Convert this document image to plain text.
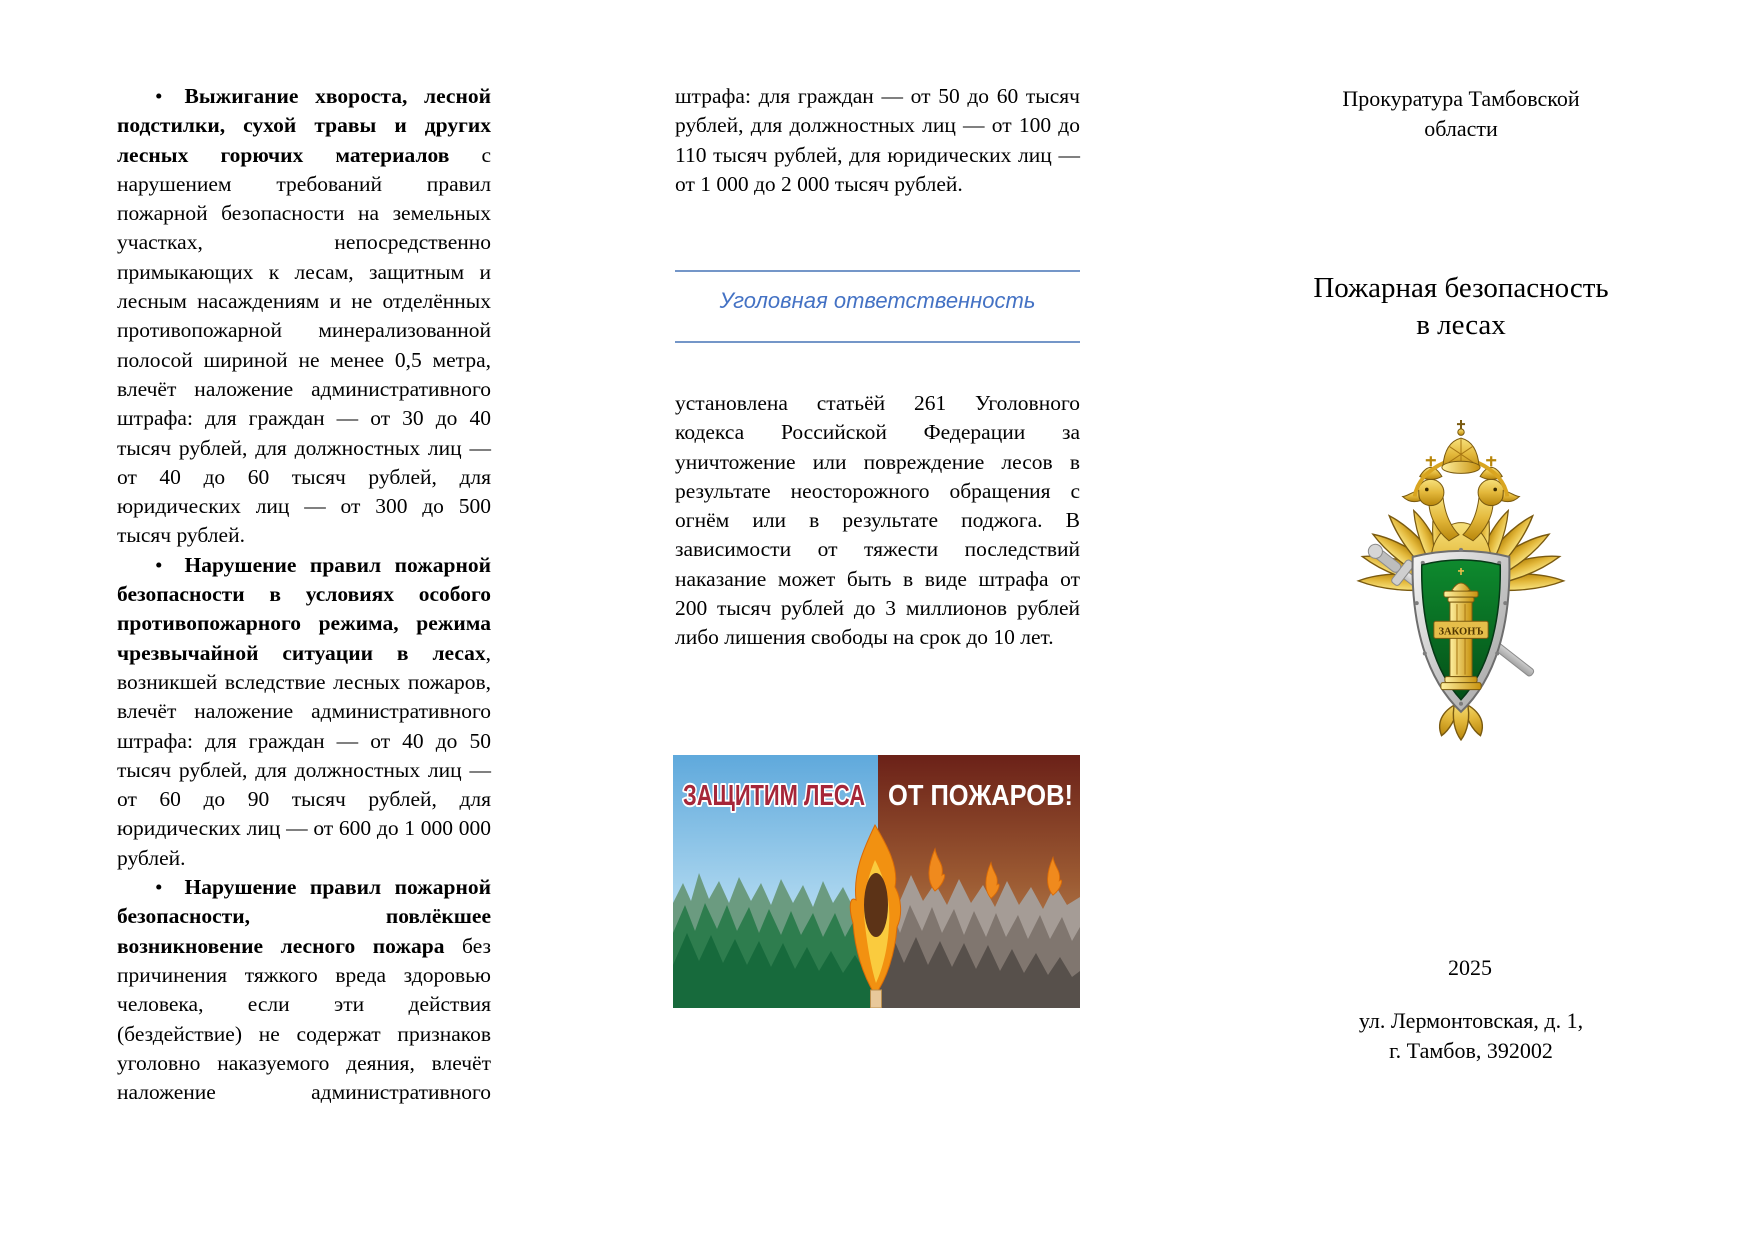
• Выжигание хвороста, лесной подстилки, сухой травы и других лесных горючих материалов с нарушением требований правил пожарной безопасности на земельных участках, непосредственно примыкающих к лесам, защитным и лесным насаждениям и не отделённых противопожарной минерализованной полосой шириной не менее 0,5 метра, влечёт наложение административного штрафа: для граждан — от 30 до 40 тысяч рублей, для должностных лиц — от 40 до 60 тысяч рублей, для юридических лиц — от 300 до 500 тысяч рублей.

• Нарушение правил пожарной безопасности в условиях особого противопожарного режима, режима чрезвычайной ситуации в лесах, возникшей вследствие лесных пожаров, влечёт наложение административного штрафа: для граждан — от 40 до 50 тысяч рублей, для должностных лиц — от 60 до 90 тысяч рублей, для юридических лиц — от 600 до 1 000 000 рублей.

• Нарушение правил пожарной безопасности, повлёкшее возникновение лесного пожара без причинения тяжкого вреда здоровью человека, если эти действия (бездействие) не содержат признаков уголовно наказуемого деяния, влечёт наложение административного

штрафа: для граждан — от 50 до 60 тысяч рублей, для должностных лиц — от 100 до 110 тысяч рублей, для юридических лиц — от 1 000 до 2 000 тысяч рублей.

Уголовная ответственность

установлена статьёй 261 Уголовного кодекса Российской Федерации за уничтожение или повреждение лесов в результате неосторожного обращения с огнём или в результате поджога. В зависимости от тяжести последствий наказание может быть в виде штрафа от 200 тысяч рублей до 3 миллионов рублей либо лишения свободы на срок до 10 лет.

ЗАЩИТИМ ЛЕСА ОТ ПОЖАРОВ!
Прокуратура Тамбовской
области
Пожарная безопасность
в лесах
ЗАКОНЪ
2025
ул. Лермонтовская, д. 1,
г. Тамбов, 392002
